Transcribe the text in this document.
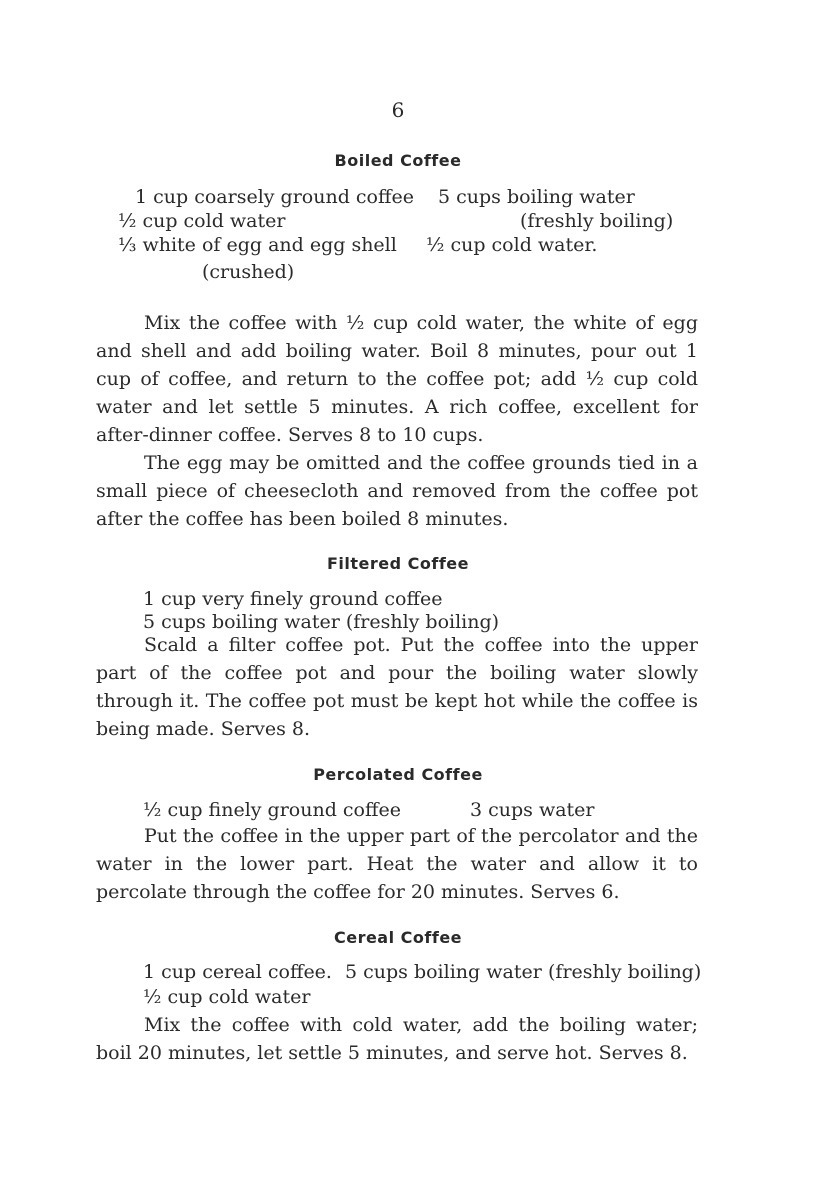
6
Boiled Coffee
1 cup coarsely ground coffee 5 cups boiling water
½ cup cold water	(freshly boiling)
⅓ white of egg and egg shell ½ cup cold water.
(crushed)

Mix the coffee with ½ cup cold water, the white of egg and shell and add boiling water. Boil 8 minutes, pour out 1 cup of coffee, and return to the coffee pot; add ½ cup cold water and let settle 5 minutes. A rich coffee, excellent for after-dinner coffee. Serves 8 to 10 cups.

The egg may be omitted and the coffee grounds tied in a small piece of cheesecloth and removed from the coffee pot after the coffee has been boiled 8 minutes.

Filtered Coffee
1 cup very finely ground coffee
5 cups boiling water (freshly boiling)

Scald a filter coffee pot. Put the coffee into the upper part of the coffee pot and pour the boiling water slowly through it. The coffee pot must be kept hot while the coffee is being made. Serves 8.

Percolated Coffee
½ cup finely ground coffee	3 cups water

Put the coffee in the upper part of the percolator and the water in the lower part. Heat the water and allow it to percolate through the coffee for 20 minutes. Serves 6.

Cereal Coffee
1 cup cereal coffee. 5 cups boiling water (freshly boiling)
½ cup cold water

Mix the coffee with cold water, add the boiling water; boil 20 minutes, let settle 5 minutes, and serve hot. Serves 8.
